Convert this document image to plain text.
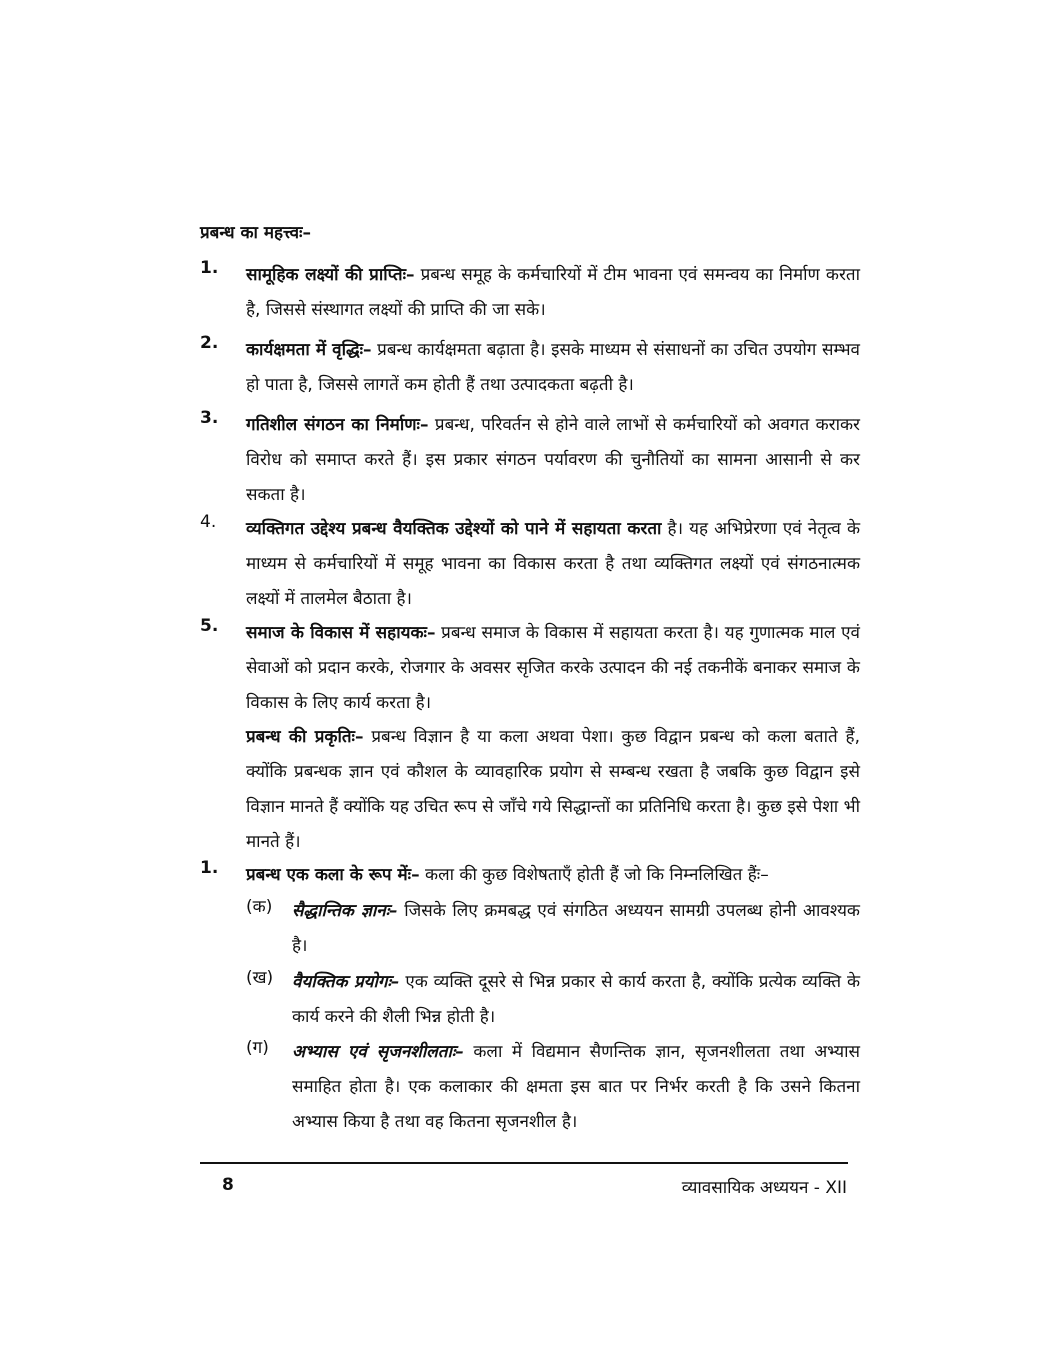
प्रबन्ध का महत्त्वः–
1.	सामूहिक लक्ष्यों की प्राप्तिः– प्रबन्ध समूह के कर्मचारियों में टीम भावना एवं समन्वय का निर्माण करता है, जिससे संस्थागत लक्ष्यों की प्राप्ति की जा सके।
2.	कार्यक्षमता में वृद्धिः– प्रबन्ध कार्यक्षमता बढ़ाता है। इसके माध्यम से संसाधनों का उचित उपयोग सम्भव हो पाता है, जिससे लागतें कम होती हैं तथा उत्पादकता बढ़ती है।
3.	गतिशील संगठन का निर्माणः– प्रबन्ध, परिवर्तन से होने वाले लाभों से कर्मचारियों को अवगत कराकर विरोध को समाप्त करते हैं। इस प्रकार संगठन पर्यावरण की चुनौतियों का सामना आसानी से कर सकता है।
4.	व्यक्तिगत उद्देश्य प्रबन्ध वैयक्तिक उद्देश्यों को पाने में सहायता करता है। यह अभिप्रेरणा एवं नेतृत्व के माध्यम से कर्मचारियों में समूह भावना का विकास करता है तथा व्यक्तिगत लक्ष्यों एवं संगठनात्मक लक्ष्यों में तालमेल बैठाता है।
5.	समाज के विकास में सहायकः– प्रबन्ध समाज के विकास में सहायता करता है। यह गुणात्मक माल एवं सेवाओं को प्रदान करके, रोजगार के अवसर सृजित करके उत्पादन की नई तकनीकें बनाकर समाज के विकास के लिए कार्य करता है।
प्रबन्ध की प्रकृतिः– प्रबन्ध विज्ञान है या कला अथवा पेशा। कुछ विद्वान प्रबन्ध को कला बताते हैं, क्योंकि प्रबन्धक ज्ञान एवं कौशल के व्यावहारिक प्रयोग से सम्बन्ध रखता है जबकि कुछ विद्वान इसे विज्ञान मानते हैं क्योंकि यह उचित रूप से जाँचे गये सिद्धान्तों का प्रतिनिधि करता है। कुछ इसे पेशा भी मानते हैं।
1.	प्रबन्ध एक कला के रूप मेंः– कला की कुछ विशेषताएँ होती हैं जो कि निम्नलिखित हैंः–
(क) सैद्धान्तिक ज्ञानः– जिसके लिए क्रमबद्ध एवं संगठित अध्ययन सामग्री उपलब्ध होनी आवश्यक है।
(ख) वैयक्तिक प्रयोगः– एक व्यक्ति दूसरे से भिन्न प्रकार से कार्य करता है, क्योंकि प्रत्येक व्यक्ति के कार्य करने की शैली भिन्न होती है।
(ग) अभ्यास एवं सृजनशीलताः– कला में विद्यमान सैणन्तिक ज्ञान, सृजनशीलता तथा अभ्यास समाहित होता है। एक कलाकार की क्षमता इस बात पर निर्भर करती है कि उसने कितना अभ्यास किया है तथा वह कितना सृजनशील है।
8	व्यावसायिक अध्ययन - XII
